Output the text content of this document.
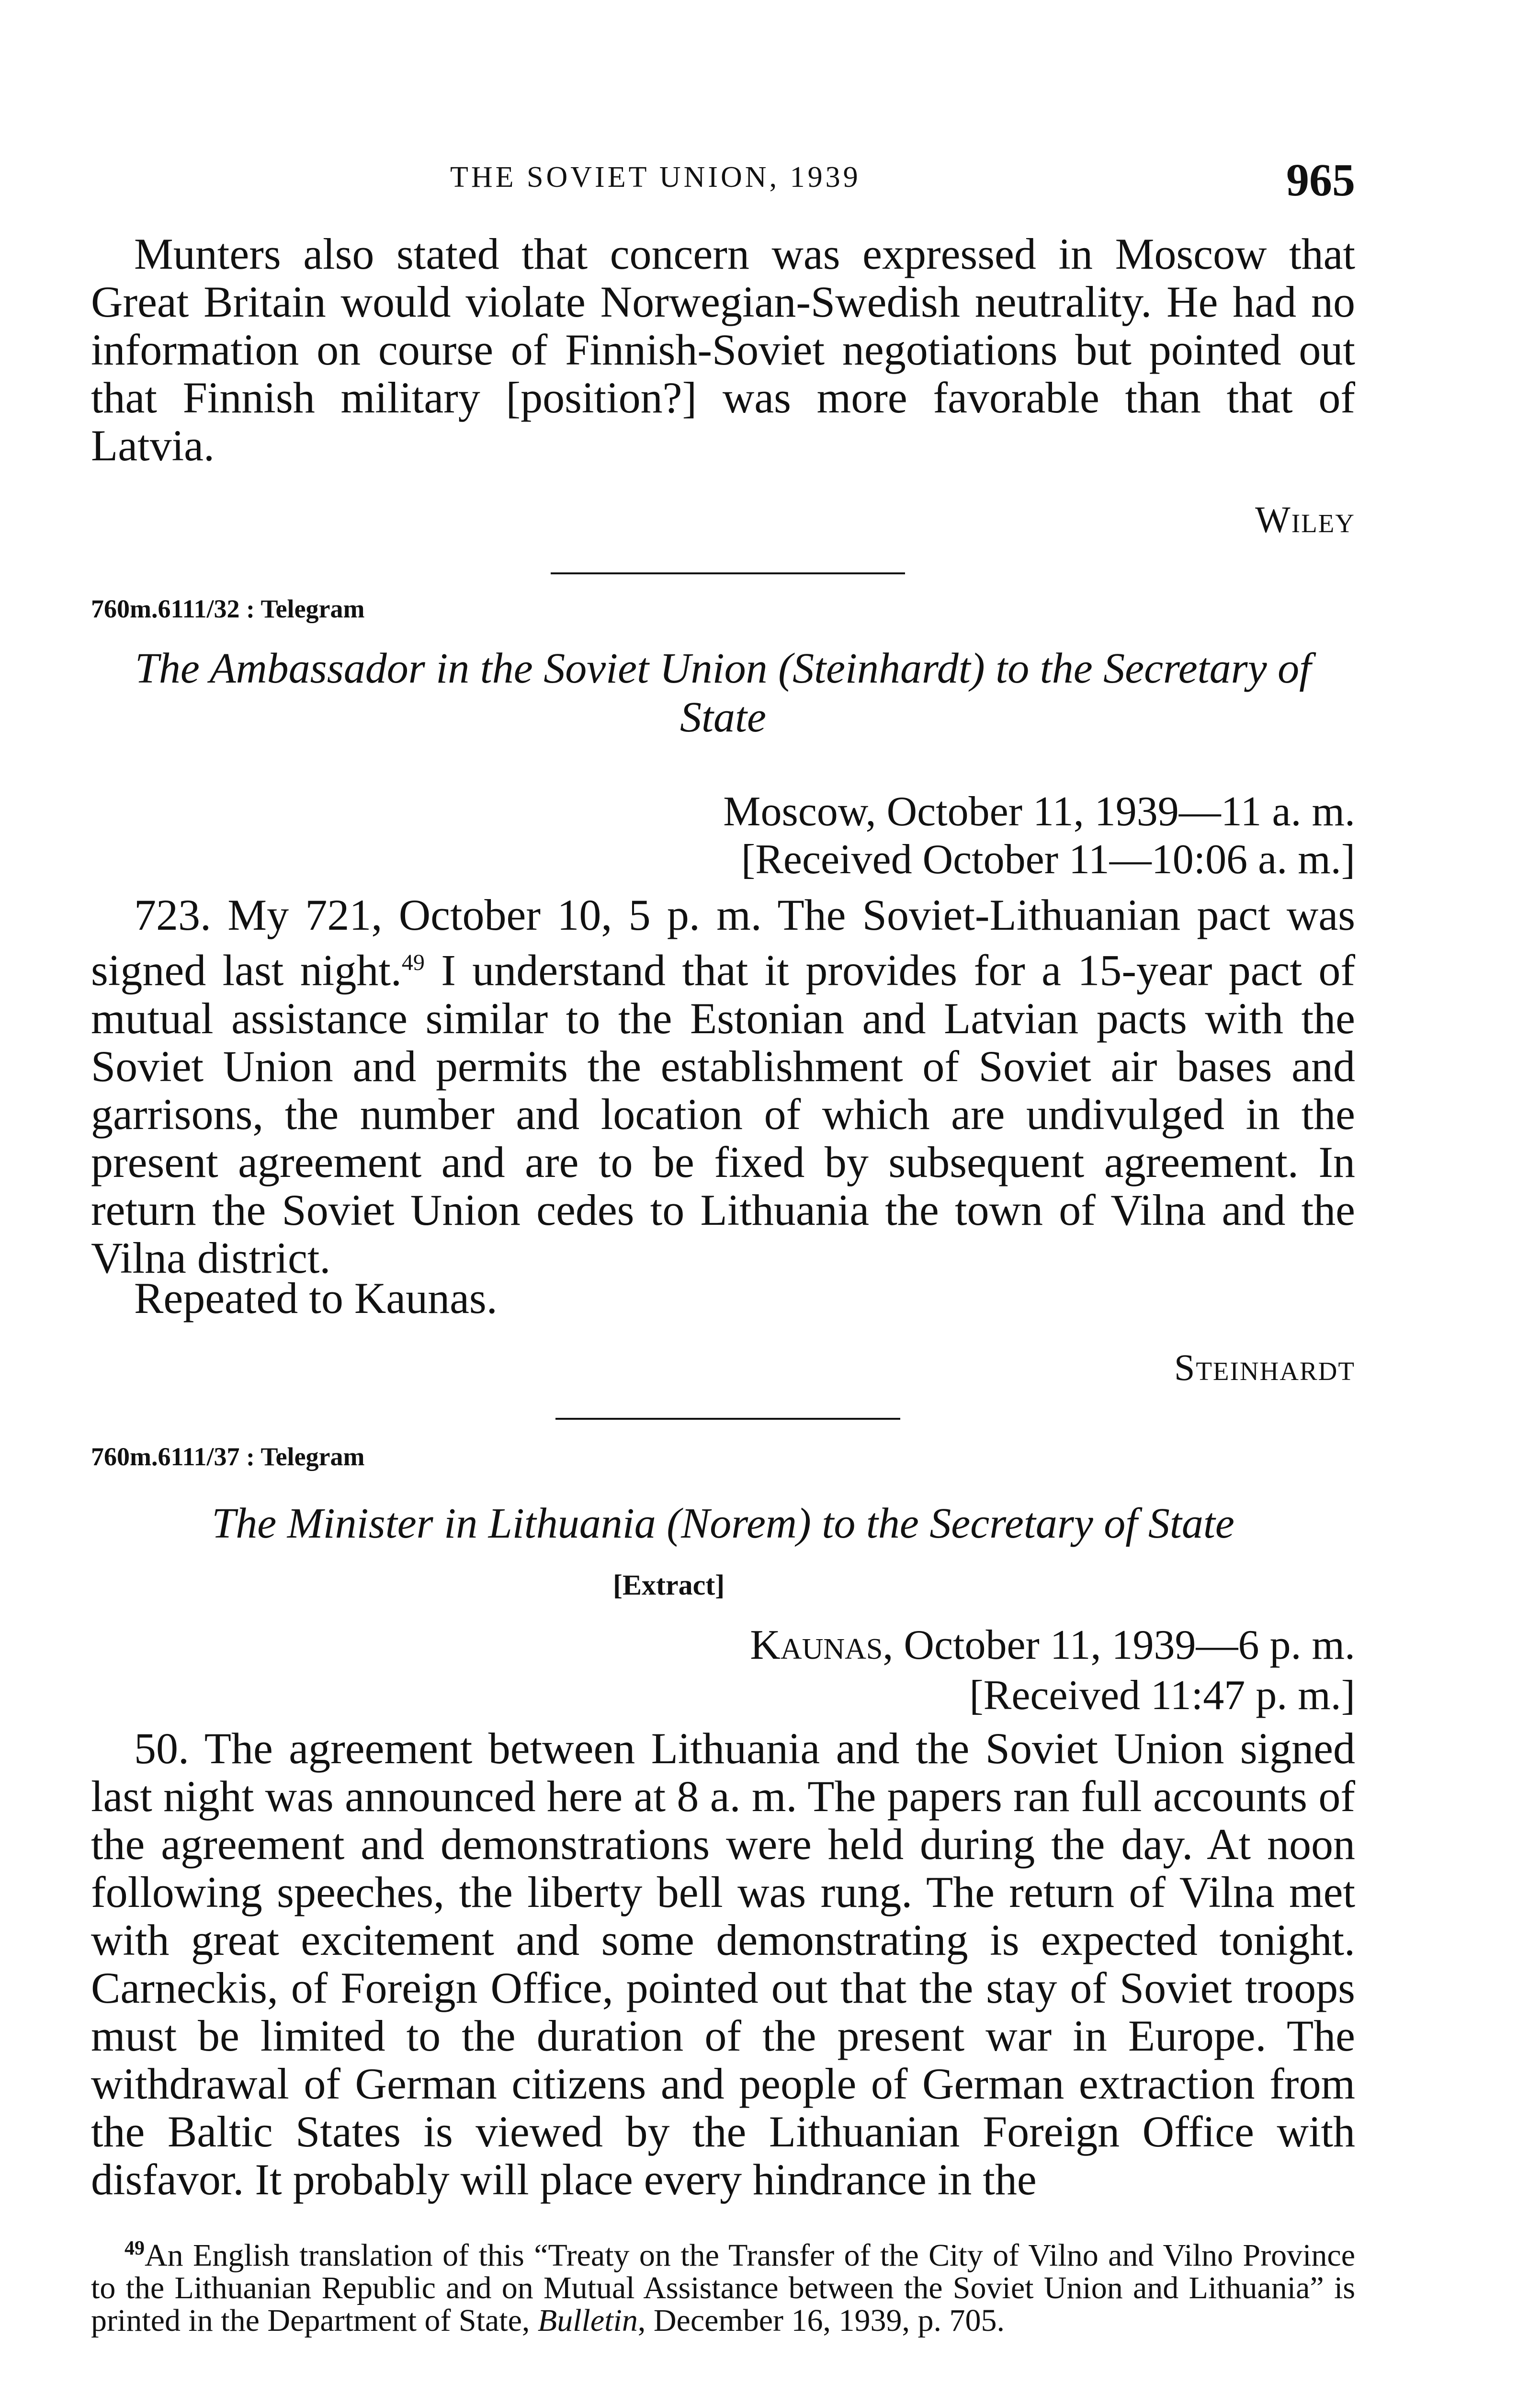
THE SOVIET UNION, 1939	965

Munters also stated that concern was expressed in Moscow that Great Britain would violate Norwegian-Swedish neutrality. He had no information on course of Finnish-Soviet negotiations but pointed out that Finnish military [position?] was more favorable than that of Latvia.

Wiley
760m.6111/32 : Telegram
The Ambassador in the Soviet Union (Steinhardt) to the Secretary of State
Moscow, October 11, 1939—11 a. m.
[Received October 11—10:06 a. m.]

723. My 721, October 10, 5 p. m. The Soviet-Lithuanian pact was signed last night.$^{49}$ I understand that it provides for a 15-year pact of mutual assistance similar to the Estonian and Latvian pacts with the Soviet Union and permits the establishment of Soviet air bases and garrisons, the number and location of which are undivulged in the present agreement and are to be fixed by subsequent agreement. In return the Soviet Union cedes to Lithuania the town of Vilna and the Vilna district.

Repeated to Kaunas.

Steinhardt
760m.6111/37 : Telegram
The Minister in Lithuania (Norem) to the Secretary of State
[Extract]
Kaunas, October 11, 1939—6 p. m.
[Received 11:47 p. m.]

50. The agreement between Lithuania and the Soviet Union signed last night was announced here at 8 a. m. The papers ran full accounts of the agreement and demonstrations were held during the day. At noon following speeches, the liberty bell was rung. The return of Vilna met with great excitement and some demonstrating is expected tonight. Carneckis, of Foreign Office, pointed out that the stay of Soviet troops must be limited to the duration of the present war in Europe. The withdrawal of German citizens and people of German extraction from the Baltic States is viewed by the Lithuanian Foreign Office with disfavor. It probably will place every hindrance in the

$^{49}$An English translation of this “Treaty on the Transfer of the City of Vilno and Vilno Province to the Lithuanian Republic and on Mutual Assistance between the Soviet Union and Lithuania” is printed in the Department of State, Bulletin, December 16, 1939, p. 705.
